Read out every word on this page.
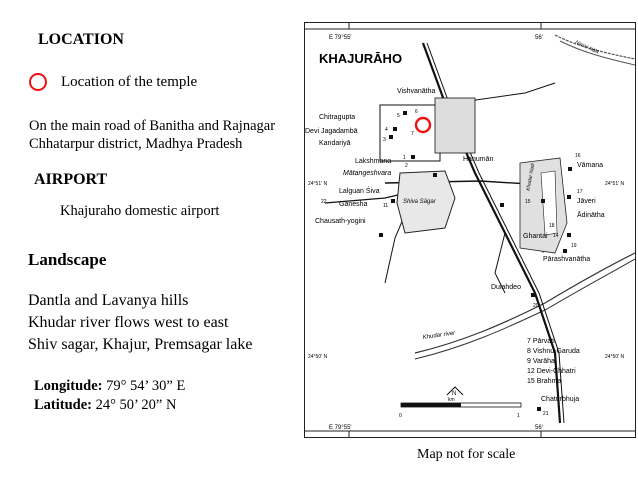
LOCATION
Location of the temple
On the main road of Banitha and Rajnagar
Chhatarpur district, Madhya Pradesh
AIRPORT
Khajuraho domestic airport
Landscape
Dantla and Lavanya hills
Khudar river flows west to east
Shiv sagar, Khajur, Premsagar lake
Longitude: 79° 54’ 30” E
Latitude: 24° 50’ 20” N
E 79°55'	56'
E 79°55'	56'
24°51' N	24°51' N
24°50' N	24°50' N
KHAJURĀHO
Vishvanātha
Chitragupta
Devi Jagadambā
Kandariyā
Lakshmana
Mātangeshvara
Lalguan Śiva
Ganesha	Shiva Sāgar
Chausath-yogini
Hanumān
Khudar Nadi
Narori Nālā
Vāmana
Jāveri
Ādinātha
Ghantai
Pārashvanātha
Dulahdeo
Khudar river
7 Pārvati
8 Vishnu-Garuda
9 Varāha
12 Devi-Chhatri
15 Brahma
Chaturbhuja
5
6
4
3
1
2
7
22
11
16
15
17
18
14
19
20
21
N
km
0	1
Map not for scale
